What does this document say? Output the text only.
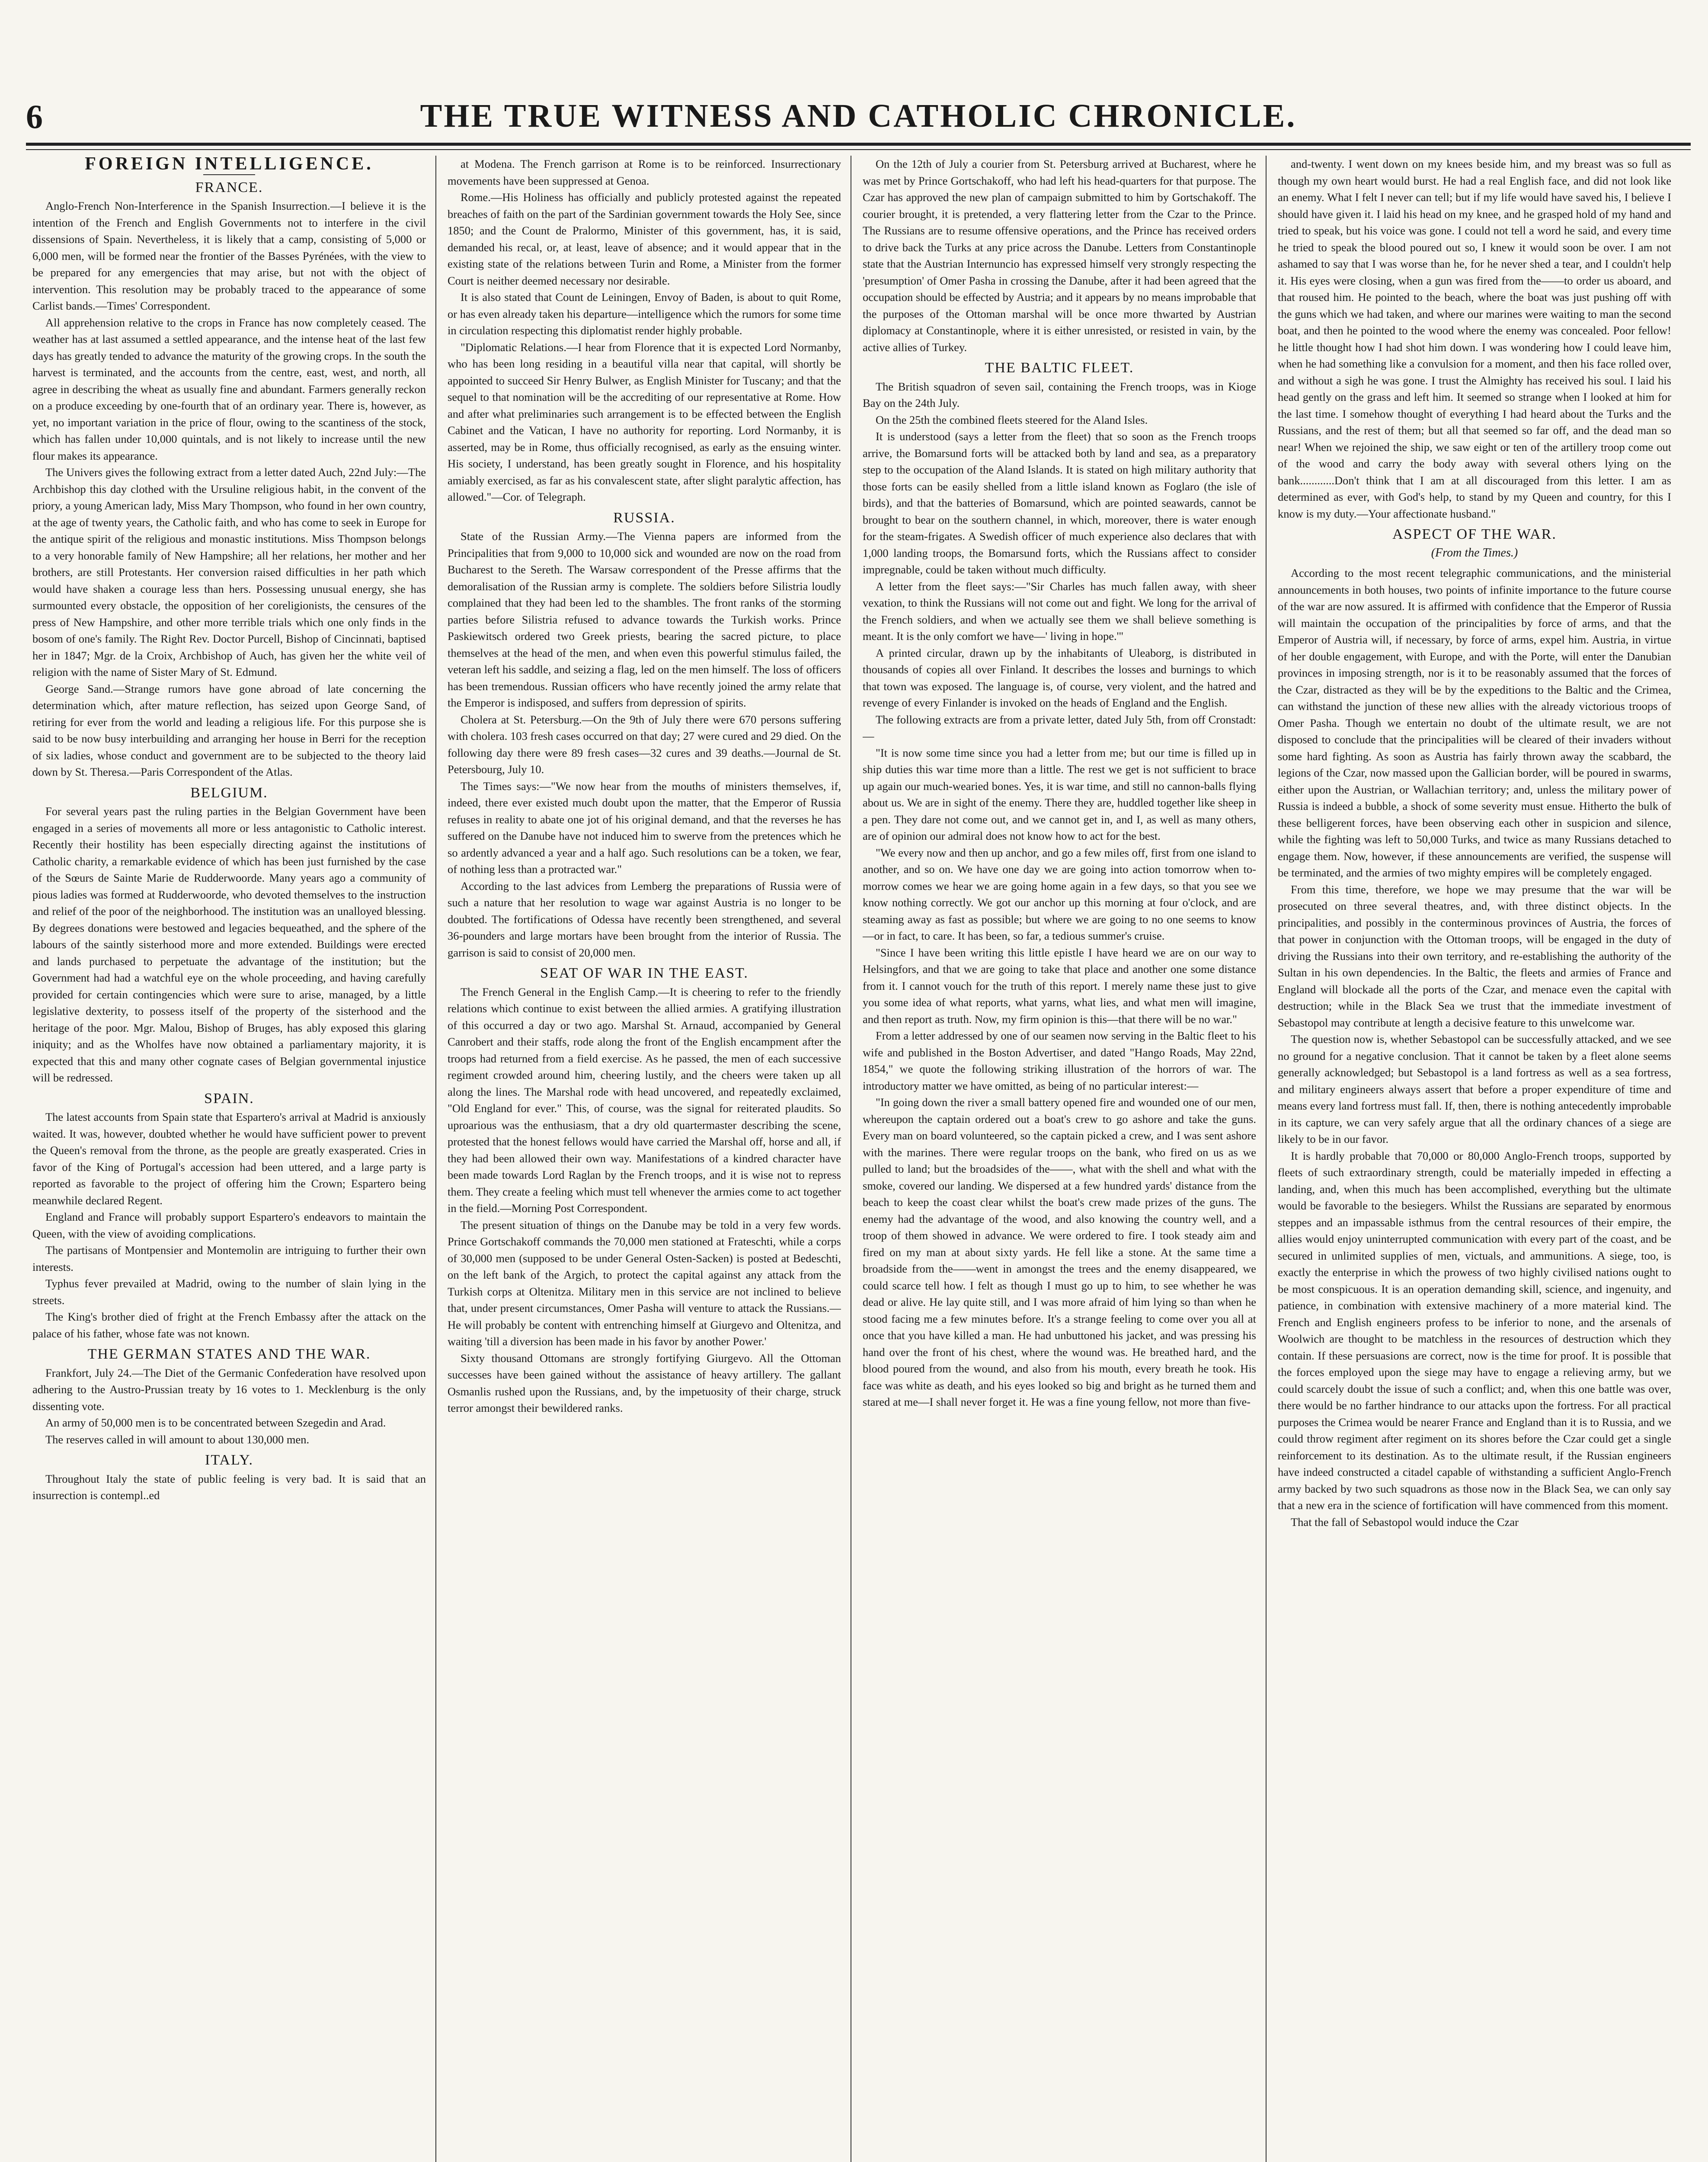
6	THE TRUE WITNESS AND CATHOLIC CHRONICLE.
FOREIGN INTELLIGENCE.
FRANCE.

Anglo-French Non-Interference in the Spanish Insurrection.—I believe it is the intention of the French and English Governments not to interfere in the civil dissensions of Spain. Nevertheless, it is likely that a camp, consisting of 5,000 or 6,000 men, will be formed near the frontier of the Basses Pyrénées, with the view to be prepared for any emergencies that may arise, but not with the object of intervention. This resolution may be probably traced to the appearance of some Carlist bands.—Times' Correspondent.

All apprehension relative to the crops in France has now completely ceased. The weather has at last assumed a settled appearance, and the intense heat of the last few days has greatly tended to advance the maturity of the growing crops. In the south the harvest is terminated, and the accounts from the centre, east, west, and north, all agree in describing the wheat as usually fine and abundant. Farmers generally reckon on a produce exceeding by one-fourth that of an ordinary year. There is, however, as yet, no important variation in the price of flour, owing to the scantiness of the stock, which has fallen under 10,000 quintals, and is not likely to increase until the new flour makes its appearance.

The Univers gives the following extract from a letter dated Auch, 22nd July:—The Archbishop this day clothed with the Ursuline religious habit, in the convent of the priory, a young American lady, Miss Mary Thompson, who found in her own country, at the age of twenty years, the Catholic faith, and who has come to seek in Europe for the antique spirit of the religious and monastic institutions. Miss Thompson belongs to a very honorable family of New Hampshire; all her relations, her mother and her brothers, are still Protestants. Her conversion raised difficulties in her path which would have shaken a courage less than hers. Possessing unusual energy, she has surmounted every obstacle, the opposition of her coreligionists, the censures of the press of New Hampshire, and other more terrible trials which one only finds in the bosom of one's family. The Right Rev. Doctor Purcell, Bishop of Cincinnati, baptised her in 1847; Mgr. de la Croix, Archbishop of Auch, has given her the white veil of religion with the name of Sister Mary of St. Edmund.

George Sand.—Strange rumors have gone abroad of late concerning the determination which, after mature reflection, has seized upon George Sand, of retiring for ever from the world and leading a religious life. For this purpose she is said to be now busy interbuilding and arranging her house in Berri for the reception of six ladies, whose conduct and government are to be subjected to the theory laid down by St. Theresa.—Paris Correspondent of the Atlas.

BELGIUM.

For several years past the ruling parties in the Belgian Government have been engaged in a series of movements all more or less antagonistic to Catholic interest. Recently their hostility has been especially directing against the institutions of Catholic charity, a remarkable evidence of which has been just furnished by the case of the Sœurs de Sainte Marie de Rudderwoorde. Many years ago a community of pious ladies was formed at Rudderwoorde, who devoted themselves to the instruction and relief of the poor of the neighborhood. The institution was an unalloyed blessing. By degrees donations were bestowed and legacies bequeathed, and the sphere of the labours of the saintly sisterhood more and more extended. Buildings were erected and lands purchased to perpetuate the advantage of the institution; but the Government had had a watchful eye on the whole proceeding, and having carefully provided for certain contingencies which were sure to arise, managed, by a little legislative dexterity, to possess itself of the property of the sisterhood and the heritage of the poor. Mgr. Malou, Bishop of Bruges, has ably exposed this glaring iniquity; and as the Wholfes have now obtained a parliamentary majority, it is expected that this and many other cognate cases of Belgian governmental injustice will be redressed.

SPAIN.

The latest accounts from Spain state that Espartero's arrival at Madrid is anxiously waited. It was, however, doubted whether he would have sufficient power to prevent the Queen's removal from the throne, as the people are greatly exasperated. Cries in favor of the King of Portugal's accession had been uttered, and a large party is reported as favorable to the project of offering him the Crown; Espartero being meanwhile declared Regent.

England and France will probably support Espartero's endeavors to maintain the Queen, with the view of avoiding complications.

The partisans of Montpensier and Montemolin are intriguing to further their own interests.

Typhus fever prevailed at Madrid, owing to the number of slain lying in the streets.

The King's brother died of fright at the French Embassy after the attack on the palace of his father, whose fate was not known.

THE GERMAN STATES AND THE WAR.

Frankfort, July 24.—The Diet of the Germanic Confederation have resolved upon adhering to the Austro-Prussian treaty by 16 votes to 1. Mecklenburg is the only dissenting vote.

An army of 50,000 men is to be concentrated between Szegedin and Arad.

The reserves called in will amount to about 130,000 men.

ITALY.

Throughout Italy the state of public feeling is very bad. It is said that an insurrection is contempl..ed

at Modena. The French garrison at Rome is to be reinforced. Insurrectionary movements have been suppressed at Genoa.

Rome.—His Holiness has officially and publicly protested against the repeated breaches of faith on the part of the Sardinian government towards the Holy See, since 1850; and the Count de Pralormo, Minister of this government, has, it is said, demanded his recal, or, at least, leave of absence; and it would appear that in the existing state of the relations between Turin and Rome, a Minister from the former Court is neither deemed necessary nor desirable.

It is also stated that Count de Leiningen, Envoy of Baden, is about to quit Rome, or has even already taken his departure—intelligence which the rumors for some time in circulation respecting this diplomatist render highly probable.

"Diplomatic Relations.—I hear from Florence that it is expected Lord Normanby, who has been long residing in a beautiful villa near that capital, will shortly be appointed to succeed Sir Henry Bulwer, as English Minister for Tuscany; and that the sequel to that nomination will be the accrediting of our representative at Rome. How and after what preliminaries such arrangement is to be effected between the English Cabinet and the Vatican, I have no authority for reporting. Lord Normanby, it is asserted, may be in Rome, thus officially recognised, as early as the ensuing winter. His society, I understand, has been greatly sought in Florence, and his hospitality amiably exercised, as far as his convalescent state, after slight paralytic affection, has allowed."—Cor. of Telegraph.

RUSSIA.

State of the Russian Army.—The Vienna papers are informed from the Principalities that from 9,000 to 10,000 sick and wounded are now on the road from Bucharest to the Sereth. The Warsaw correspondent of the Presse affirms that the demoralisation of the Russian army is complete. The soldiers before Silistria loudly complained that they had been led to the shambles. The front ranks of the storming parties before Silistria refused to advance towards the Turkish works. Prince Paskiewitsch ordered two Greek priests, bearing the sacred picture, to place themselves at the head of the men, and when even this powerful stimulus failed, the veteran left his saddle, and seizing a flag, led on the men himself. The loss of officers has been tremendous. Russian officers who have recently joined the army relate that the Emperor is indisposed, and suffers from depression of spirits.

Cholera at St. Petersburg.—On the 9th of July there were 670 persons suffering with cholera. 103 fresh cases occurred on that day; 27 were cured and 29 died. On the following day there were 89 fresh cases—32 cures and 39 deaths.—Journal de St. Petersbourg, July 10.

The Times says:—"We now hear from the mouths of ministers themselves, if, indeed, there ever existed much doubt upon the matter, that the Emperor of Russia refuses in reality to abate one jot of his original demand, and that the reverses he has suffered on the Danube have not induced him to swerve from the pretences which he so ardently advanced a year and a half ago. Such resolutions can be a token, we fear, of nothing less than a protracted war."

According to the last advices from Lemberg the preparations of Russia were of such a nature that her resolution to wage war against Austria is no longer to be doubted. The fortifications of Odessa have recently been strengthened, and several 36-pounders and large mortars have been brought from the interior of Russia. The garrison is said to consist of 20,000 men.

SEAT OF WAR IN THE EAST.

The French General in the English Camp.—It is cheering to refer to the friendly relations which continue to exist between the allied armies. A gratifying illustration of this occurred a day or two ago. Marshal St. Arnaud, accompanied by General Canrobert and their staffs, rode along the front of the English encampment after the troops had returned from a field exercise. As he passed, the men of each successive regiment crowded around him, cheering lustily, and the cheers were taken up all along the lines. The Marshal rode with head uncovered, and repeatedly exclaimed, "Old England for ever." This, of course, was the signal for reiterated plaudits. So uproarious was the enthusiasm, that a dry old quartermaster describing the scene, protested that the honest fellows would have carried the Marshal off, horse and all, if they had been allowed their own way. Manifestations of a kindred character have been made towards Lord Raglan by the French troops, and it is wise not to repress them. They create a feeling which must tell whenever the armies come to act together in the field.—Morning Post Correspondent.

The present situation of things on the Danube may be told in a very few words. Prince Gortschakoff commands the 70,000 men stationed at Frateschti, while a corps of 30,000 men (supposed to be under General Osten-Sacken) is posted at Bedeschti, on the left bank of the Argich, to protect the capital against any attack from the Turkish corps at Oltenitza. Military men in this service are not inclined to believe that, under present circumstances, Omer Pasha will venture to attack the Russians.—He will probably be content with entrenching himself at Giurgevo and Oltenitza, and waiting 'till a diversion has been made in his favor by another Power.'

Sixty thousand Ottomans are strongly fortifying Giurgevo. All the Ottoman successes have been gained without the assistance of heavy artillery. The gallant Osmanlis rushed upon the Russians, and, by the impetuosity of their charge, struck terror amongst their bewildered ranks.

On the 12th of July a courier from St. Petersburg arrived at Bucharest, where he was met by Prince Gortschakoff, who had left his head-quarters for that purpose. The Czar has approved the new plan of campaign submitted to him by Gortschakoff. The courier brought, it is pretended, a very flattering letter from the Czar to the Prince. The Russians are to resume offensive operations, and the Prince has received orders to drive back the Turks at any price across the Danube. Letters from Constantinople state that the Austrian Internuncio has expressed himself very strongly respecting the 'presumption' of Omer Pasha in crossing the Danube, after it had been agreed that the occupation should be effected by Austria; and it appears by no means improbable that the purposes of the Ottoman marshal will be once more thwarted by Austrian diplomacy at Constantinople, where it is either unresisted, or resisted in vain, by the active allies of Turkey.

THE BALTIC FLEET.

The British squadron of seven sail, containing the French troops, was in Kioge Bay on the 24th July.

On the 25th the combined fleets steered for the Aland Isles.

It is understood (says a letter from the fleet) that so soon as the French troops arrive, the Bomarsund forts will be attacked both by land and sea, as a preparatory step to the occupation of the Aland Islands. It is stated on high military authority that those forts can be easily shelled from a little island known as Foglaro (the isle of birds), and that the batteries of Bomarsund, which are pointed seawards, cannot be brought to bear on the southern channel, in which, moreover, there is water enough for the steam-frigates. A Swedish officer of much experience also declares that with 1,000 landing troops, the Bomarsund forts, which the Russians affect to consider impregnable, could be taken without much difficulty.

A letter from the fleet says:—"Sir Charles has much fallen away, with sheer vexation, to think the Russians will not come out and fight. We long for the arrival of the French soldiers, and when we actually see them we shall believe something is meant. It is the only comfort we have—' living in hope.'"

A printed circular, drawn up by the inhabitants of Uleaborg, is distributed in thousands of copies all over Finland. It describes the losses and burnings to which that town was exposed. The language is, of course, very violent, and the hatred and revenge of every Finlander is invoked on the heads of England and the English.

The following extracts are from a private letter, dated July 5th, from off Cronstadt:—

"It is now some time since you had a letter from me; but our time is filled up in ship duties this war time more than a little. The rest we get is not sufficient to brace up again our much-wearied bones. Yes, it is war time, and still no cannon-balls flying about us. We are in sight of the enemy. There they are, huddled together like sheep in a pen. They dare not come out, and we cannot get in, and I, as well as many others, are of opinion our admiral does not know how to act for the best.

"We every now and then up anchor, and go a few miles off, first from one island to another, and so on. We have one day we are going into action tomorrow when to-morrow comes we hear we are going home again in a few days, so that you see we know nothing correctly. We got our anchor up this morning at four o'clock, and are steaming away as fast as possible; but where we are going to no one seems to know—or in fact, to care. It has been, so far, a tedious summer's cruise.

"Since I have been writing this little epistle I have heard we are on our way to Helsingfors, and that we are going to take that place and another one some distance from it. I cannot vouch for the truth of this report. I merely name these just to give you some idea of what reports, what yarns, what lies, and what men will imagine, and then report as truth. Now, my firm opinion is this—that there will be no war."

From a letter addressed by one of our seamen now serving in the Baltic fleet to his wife and published in the Boston Advertiser, and dated "Hango Roads, May 22nd, 1854," we quote the following striking illustration of the horrors of war. The introductory matter we have omitted, as being of no particular interest:—

"In going down the river a small battery opened fire and wounded one of our men, whereupon the captain ordered out a boat's crew to go ashore and take the guns. Every man on board volunteered, so the captain picked a crew, and I was sent ashore with the marines. There were regular troops on the bank, who fired on us as we pulled to land; but the broadsides of the——, what with the shell and what with the smoke, covered our landing. We dispersed at a few hundred yards' distance from the beach to keep the coast clear whilst the boat's crew made prizes of the guns. The enemy had the advantage of the wood, and also knowing the country well, and a troop of them showed in advance. We were ordered to fire. I took steady aim and fired on my man at about sixty yards. He fell like a stone. At the same time a broadside from the——went in amongst the trees and the enemy disappeared, we could scarce tell how. I felt as though I must go up to him, to see whether he was dead or alive. He lay quite still, and I was more afraid of him lying so than when he stood facing me a few minutes before. It's a strange feeling to come over you all at once that you have killed a man. He had unbuttoned his jacket, and was pressing his hand over the front of his chest, where the wound was. He breathed hard, and the blood poured from the wound, and also from his mouth, every breath he took. His face was white as death, and his eyes looked so big and bright as he turned them and stared at me—I shall never forget it. He was a fine young fellow, not more than five-

and-twenty. I went down on my knees beside him, and my breast was so full as though my own heart would burst. He had a real English face, and did not look like an enemy. What I felt I never can tell; but if my life would have saved his, I believe I should have given it. I laid his head on my knee, and he grasped hold of my hand and tried to speak, but his voice was gone. I could not tell a word he said, and every time he tried to speak the blood poured out so, I knew it would soon be over. I am not ashamed to say that I was worse than he, for he never shed a tear, and I couldn't help it. His eyes were closing, when a gun was fired from the——to order us aboard, and that roused him. He pointed to the beach, where the boat was just pushing off with the guns which we had taken, and where our marines were waiting to man the second boat, and then he pointed to the wood where the enemy was concealed. Poor fellow! he little thought how I had shot him down. I was wondering how I could leave him, when he had something like a convulsion for a moment, and then his face rolled over, and without a sigh he was gone. I trust the Almighty has received his soul. I laid his head gently on the grass and left him. It seemed so strange when I looked at him for the last time. I somehow thought of everything I had heard about the Turks and the Russians, and the rest of them; but all that seemed so far off, and the dead man so near! When we rejoined the ship, we saw eight or ten of the artillery troop come out of the wood and carry the body away with several others lying on the bank............Don't think that I am at all discouraged from this letter. I am as determined as ever, with God's help, to stand by my Queen and country, for this I know is my duty.—Your affectionate husband."

ASPECT OF THE WAR.
(From the Times.)

According to the most recent telegraphic communications, and the ministerial announcements in both houses, two points of infinite importance to the future course of the war are now assured. It is affirmed with confidence that the Emperor of Russia will maintain the occupation of the principalities by force of arms, and that the Emperor of Austria will, if necessary, by force of arms, expel him. Austria, in virtue of her double engagement, with Europe, and with the Porte, will enter the Danubian provinces in imposing strength, nor is it to be reasonably assumed that the forces of the Czar, distracted as they will be by the expeditions to the Baltic and the Crimea, can withstand the junction of these new allies with the already victorious troops of Omer Pasha. Though we entertain no doubt of the ultimate result, we are not disposed to conclude that the principalities will be cleared of their invaders without some hard fighting. As soon as Austria has fairly thrown away the scabbard, the legions of the Czar, now massed upon the Gallician border, will be poured in swarms, either upon the Austrian, or Wallachian territory; and, unless the military power of Russia is indeed a bubble, a shock of some severity must ensue. Hitherto the bulk of these belligerent forces, have been observing each other in suspicion and silence, while the fighting was left to 50,000 Turks, and twice as many Russians detached to engage them. Now, however, if these announcements are verified, the suspense will be terminated, and the armies of two mighty empires will be completely engaged.

From this time, therefore, we hope we may presume that the war will be prosecuted on three several theatres, and, with three distinct objects. In the principalities, and possibly in the conterminous provinces of Austria, the forces of that power in conjunction with the Ottoman troops, will be engaged in the duty of driving the Russians into their own territory, and re-establishing the authority of the Sultan in his own dependencies. In the Baltic, the fleets and armies of France and England will blockade all the ports of the Czar, and menace even the capital with destruction; while in the Black Sea we trust that the immediate investment of Sebastopol may contribute at length a decisive feature to this unwelcome war.

The question now is, whether Sebastopol can be successfully attacked, and we see no ground for a negative conclusion. That it cannot be taken by a fleet alone seems generally acknowledged; but Sebastopol is a land fortress as well as a sea fortress, and military engineers always assert that before a proper expenditure of time and means every land fortress must fall. If, then, there is nothing antecedently improbable in its capture, we can very safely argue that all the ordinary chances of a siege are likely to be in our favor.

It is hardly probable that 70,000 or 80,000 Anglo-French troops, supported by fleets of such extraordinary strength, could be materially impeded in effecting a landing, and, when this much has been accomplished, everything but the ultimate would be favorable to the besiegers. Whilst the Russians are separated by enormous steppes and an impassable isthmus from the central resources of their empire, the allies would enjoy uninterrupted communication with every part of the coast, and be secured in unlimited supplies of men, victuals, and ammunitions. A siege, too, is exactly the enterprise in which the prowess of two highly civilised nations ought to be most conspicuous. It is an operation demanding skill, science, and ingenuity, and patience, in combination with extensive machinery of a more material kind. The French and English engineers profess to be inferior to none, and the arsenals of Woolwich are thought to be matchless in the resources of destruction which they contain. If these persuasions are correct, now is the time for proof. It is possible that the forces employed upon the siege may have to engage a relieving army, but we could scarcely doubt the issue of such a conflict; and, when this one battle was over, there would be no farther hindrance to our attacks upon the fortress. For all practical purposes the Crimea would be nearer France and England than it is to Russia, and we could throw regiment after regiment on its shores before the Czar could get a single reinforcement to its destination. As to the ultimate result, if the Russian engineers have indeed constructed a citadel capable of withstanding a sufficient Anglo-French army backed by two such squadrons as those now in the Black Sea, we can only say that a new era in the science of fortification will have commenced from this moment.

That the fall of Sebastopol would induce the Czar
